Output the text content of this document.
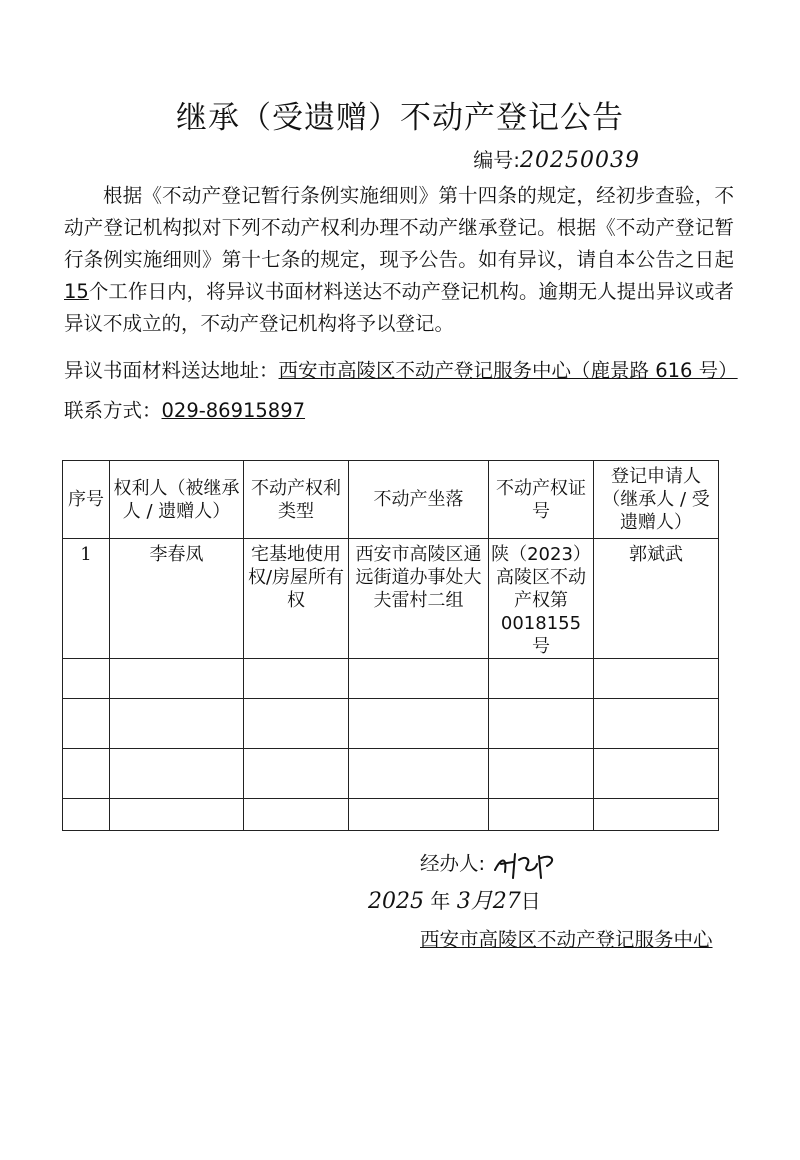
继承（受遗赠）不动产登记公告
编号:20250039
根据《不动产登记暂行条例实施细则》第十四条的规定，经初步查验，不动产登记机构拟对下列不动产权利办理不动产继承登记。根据《不动产登记暂行条例实施细则》第十七条的规定，现予公告。如有异议，请自本公告之日起15个工作日内，将异议书面材料送达不动产登记机构。逾期无人提出异议或者异议不成立的，不动产登记机构将予以登记。
异议书面材料送达地址：西安市高陵区不动产登记服务中心（鹿景路 616 号）
联系方式：029-86915897
序号	权利人（被继承人 / 遗赠人）	不动产权利类型	不动产坐落	不动产权证号	登记申请人（继承人 / 受遗赠人）
1	李春凤	宅基地使用权/房屋所有权	西安市高陵区通远街道办事处大夫雷村二组	陕（2023）高陵区不动产权第 0018155 号	郭斌武

经办人:
2025 年 3月27日
西安市高陵区不动产登记服务中心
